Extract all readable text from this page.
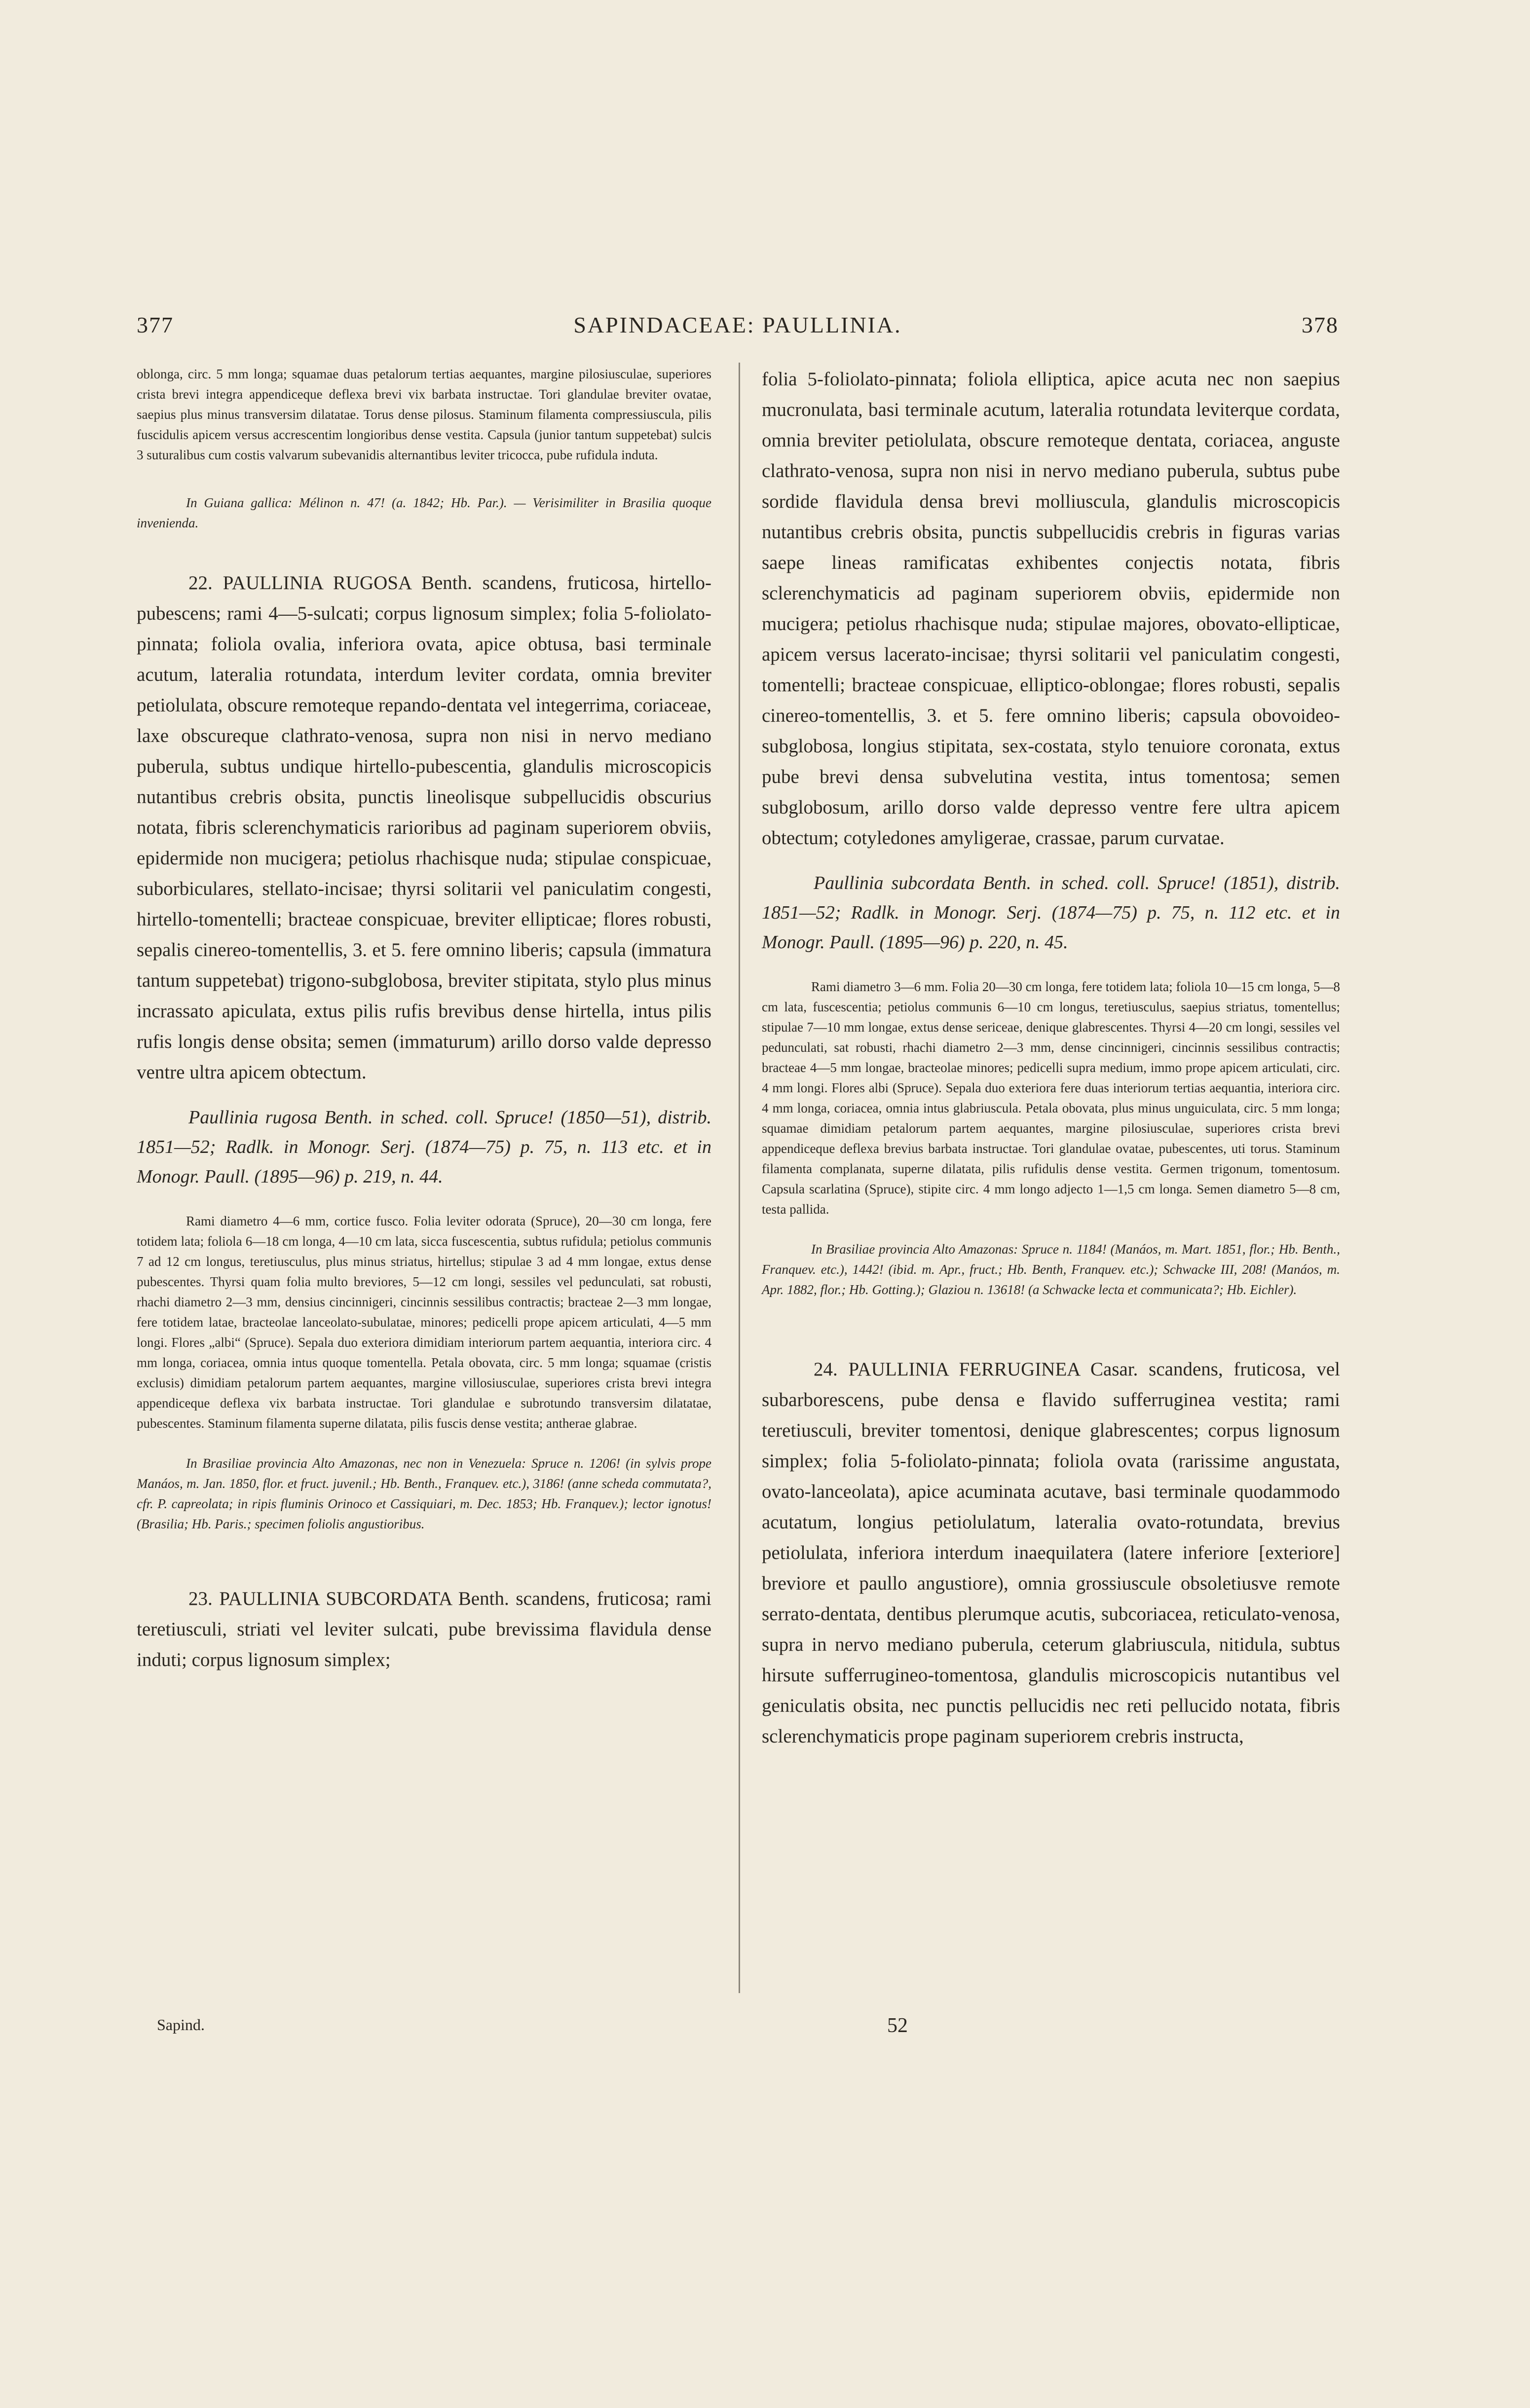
377	SAPINDACEAE: PAULLINIA.	378

oblonga, circ. 5 mm longa; squamae duas petalorum tertias aequantes, margine pilosiusculae, superiores crista brevi integra appendiceque deflexa brevi vix barbata instructae. Tori glandulae breviter ovatae, saepius plus minus transversim dilatatae. Torus dense pilosus. Staminum filamenta compressiuscula, pilis fuscidulis apicem versus accrescentim longioribus dense vestita. Capsula (junior tantum suppetebat) sulcis 3 suturalibus cum costis valvarum subevanidis alternantibus leviter tricocca, pube rufidula induta.

In Guiana gallica: Mélinon n. 47! (a. 1842; Hb. Par.). — Verisimiliter in Brasilia quoque invenienda.

22. PAULLINIA RUGOSA Benth. scandens, fruticosa, hirtello-pubescens; rami 4—5-sulcati; corpus lignosum simplex; folia 5-foliolato-pinnata; foliola ovalia, inferiora ovata, apice obtusa, basi terminale acutum, lateralia rotundata, interdum leviter cordata, omnia breviter petiolulata, obscure remoteque repando-dentata vel integerrima, coriaceae, laxe obscureque clathrato-venosa, supra non nisi in nervo mediano puberula, subtus undique hirtello-pubescentia, glandulis microscopicis nutantibus crebris obsita, punctis lineolisque subpellucidis obscurius notata, fibris sclerenchymaticis rarioribus ad paginam superiorem obviis, epidermide non mucigera; petiolus rhachisque nuda; stipulae conspicuae, suborbiculares, stellato-incisae; thyrsi solitarii vel paniculatim congesti, hirtello-tomentelli; bracteae conspicuae, breviter ellipticae; flores robusti, sepalis cinereo-tomentellis, 3. et 5. fere omnino liberis; capsula (immatura tantum suppetebat) trigono-subglobosa, breviter stipitata, stylo plus minus incrassato apiculata, extus pilis rufis brevibus dense hirtella, intus pilis rufis longis dense obsita; semen (immaturum) arillo dorso valde depresso ventre ultra apicem obtectum.

Paullinia rugosa Benth. in sched. coll. Spruce! (1850—51), distrib. 1851—52; Radlk. in Monogr. Serj. (1874—75) p. 75, n. 113 etc. et in Monogr. Paull. (1895—96) p. 219, n. 44.

Rami diametro 4—6 mm, cortice fusco. Folia leviter odorata (Spruce), 20—30 cm longa, fere totidem lata; foliola 6—18 cm longa, 4—10 cm lata, sicca fuscescentia, subtus rufidula; petiolus communis 7 ad 12 cm longus, teretiusculus, plus minus striatus, hirtellus; stipulae 3 ad 4 mm longae, extus dense pubescentes. Thyrsi quam folia multo breviores, 5—12 cm longi, sessiles vel pedunculati, sat robusti, rhachi diametro 2—3 mm, densius cincinnigeri, cincinnis sessilibus contractis; bracteae 2—3 mm longae, fere totidem latae, bracteolae lanceolato-subulatae, minores; pedicelli prope apicem articulati, 4—5 mm longi. Flores „albi“ (Spruce). Sepala duo exteriora dimidiam interiorum partem aequantia, interiora circ. 4 mm longa, coriacea, omnia intus quoque tomentella. Petala obovata, circ. 5 mm longa; squamae (cristis exclusis) dimidiam petalorum partem aequantes, margine villosiusculae, superiores crista brevi integra appendiceque deflexa vix barbata instructae. Tori glandulae e subrotundo transversim dilatatae, pubescentes. Staminum filamenta superne dilatata, pilis fuscis dense vestita; antherae glabrae.

In Brasiliae provincia Alto Amazonas, nec non in Venezuela: Spruce n. 1206! (in sylvis prope Manáos, m. Jan. 1850, flor. et fruct. juvenil.; Hb. Benth., Franquev. etc.), 3186! (anne scheda commutata?, cfr. P. capreolata; in ripis fluminis Orinoco et Cassiquiari, m. Dec. 1853; Hb. Franquev.); lector ignotus! (Brasilia; Hb. Paris.; specimen foliolis angustioribus.

23. PAULLINIA SUBCORDATA Benth. scandens, fruticosa; rami teretiusculi, striati vel leviter sulcati, pube brevissima flavidula dense induti; corpus lignosum simplex;

folia 5-foliolato-pinnata; foliola elliptica, apice acuta nec non saepius mucronulata, basi terminale acutum, lateralia rotundata leviterque cordata, omnia breviter petiolulata, obscure remoteque dentata, coriacea, anguste clathrato-venosa, supra non nisi in nervo mediano puberula, subtus pube sordide flavidula densa brevi molliuscula, glandulis microscopicis nutantibus crebris obsita, punctis subpellucidis crebris in figuras varias saepe lineas ramificatas exhibentes conjectis notata, fibris sclerenchymaticis ad paginam superiorem obviis, epidermide non mucigera; petiolus rhachisque nuda; stipulae majores, obovato-ellipticae, apicem versus lacerato-incisae; thyrsi solitarii vel paniculatim congesti, tomentelli; bracteae conspicuae, elliptico-oblongae; flores robusti, sepalis cinereo-tomentellis, 3. et 5. fere omnino liberis; capsula obovoideo-subglobosa, longius stipitata, sex-costata, stylo tenuiore coronata, extus pube brevi densa subvelutina vestita, intus tomentosa; semen subglobosum, arillo dorso valde depresso ventre fere ultra apicem obtectum; cotyledones amyligerae, crassae, parum curvatae.

Paullinia subcordata Benth. in sched. coll. Spruce! (1851), distrib. 1851—52; Radlk. in Monogr. Serj. (1874—75) p. 75, n. 112 etc. et in Monogr. Paull. (1895—96) p. 220, n. 45.

Rami diametro 3—6 mm. Folia 20—30 cm longa, fere totidem lata; foliola 10—15 cm longa, 5—8 cm lata, fuscescentia; petiolus communis 6—10 cm longus, teretiusculus, saepius striatus, tomentellus; stipulae 7—10 mm longae, extus dense sericeae, denique glabrescentes. Thyrsi 4—20 cm longi, sessiles vel pedunculati, sat robusti, rhachi diametro 2—3 mm, dense cincinnigeri, cincinnis sessilibus contractis; bracteae 4—5 mm longae, bracteolae minores; pedicelli supra medium, immo prope apicem articulati, circ. 4 mm longi. Flores albi (Spruce). Sepala duo exteriora fere duas interiorum tertias aequantia, interiora circ. 4 mm longa, coriacea, omnia intus glabriuscula. Petala obovata, plus minus unguiculata, circ. 5 mm longa; squamae dimidiam petalorum partem aequantes, margine pilosiusculae, superiores crista brevi appendiceque deflexa brevius barbata instructae. Tori glandulae ovatae, pubescentes, uti torus. Staminum filamenta complanata, superne dilatata, pilis rufidulis dense vestita. Germen trigonum, tomentosum. Capsula scarlatina (Spruce), stipite circ. 4 mm longo adjecto 1—1,5 cm longa. Semen diametro 5—8 cm, testa pallida.

In Brasiliae provincia Alto Amazonas: Spruce n. 1184! (Manáos, m. Mart. 1851, flor.; Hb. Benth., Franquev. etc.), 1442! (ibid. m. Apr., fruct.; Hb. Benth, Franquev. etc.); Schwacke III, 208! (Manáos, m. Apr. 1882, flor.; Hb. Gotting.); Glaziou n. 13618! (a Schwacke lecta et communicata?; Hb. Eichler).

24. PAULLINIA FERRUGINEA Casar. scandens, fruticosa, vel subarborescens, pube densa e flavido sufferruginea vestita; rami teretiusculi, breviter tomentosi, denique glabrescentes; corpus lignosum simplex; folia 5-foliolato-pinnata; foliola ovata (rarissime angustata, ovato-lanceolata), apice acuminata acutave, basi terminale quodammodo acutatum, longius petiolulatum, lateralia ovato-rotundata, brevius petiolulata, inferiora interdum inaequilatera (latere inferiore [exteriore] breviore et paullo angustiore), omnia grossiuscule obsoletiusve remote serrato-dentata, dentibus plerumque acutis, subcoriacea, reticulato-venosa, supra in nervo mediano puberula, ceterum glabriuscula, nitidula, subtus hirsute sufferrugineo-tomentosa, glandulis microscopicis nutantibus vel geniculatis obsita, nec punctis pellucidis nec reti pellucido notata, fibris sclerenchymaticis prope paginam superiorem crebris instructa,

Sapind.	52
